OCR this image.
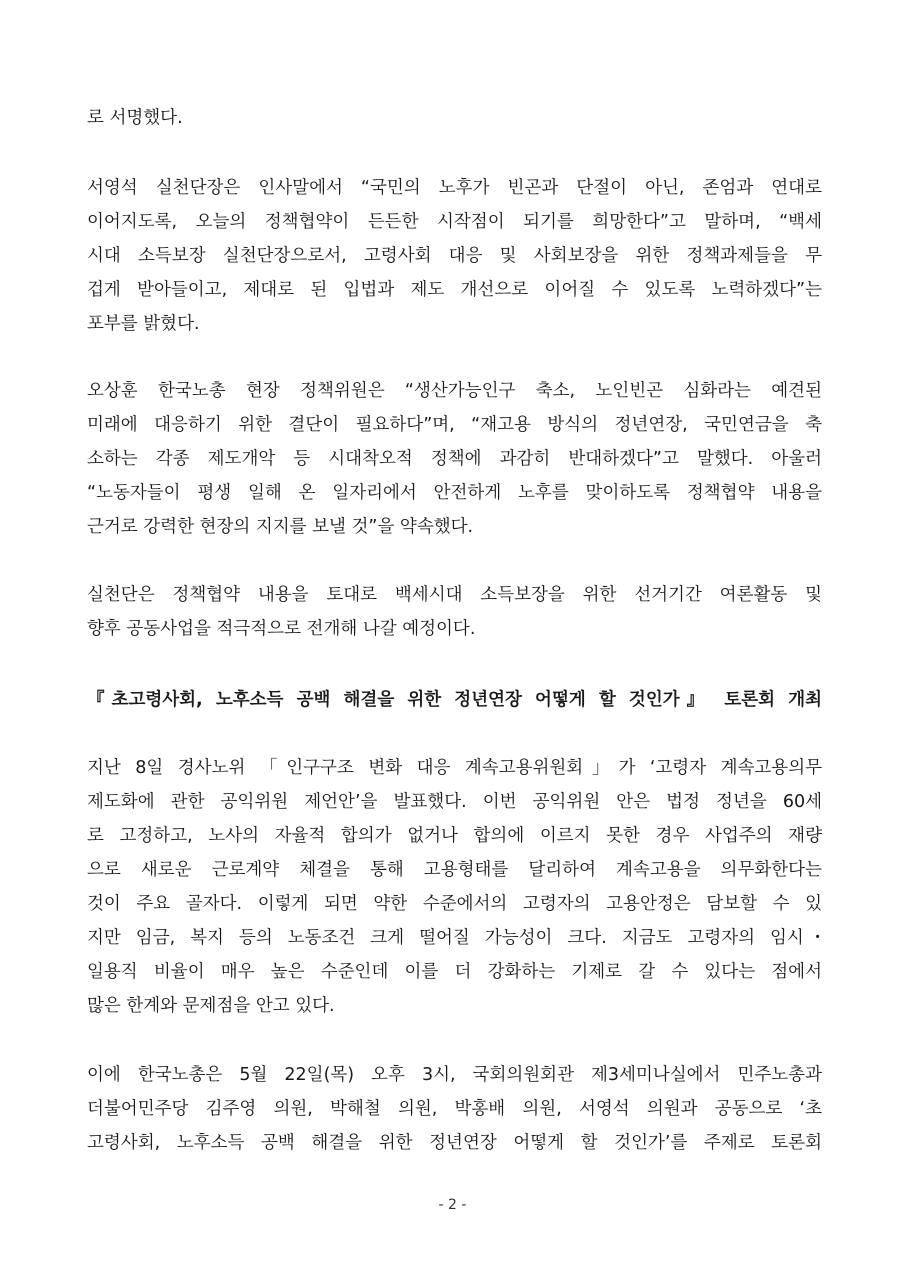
로 서명했다.
서영석 실천단장은 인사말에서 “국민의 노후가 빈곤과 단절이 아닌, 존엄과 연대로
이어지도록, 오늘의 정책협약이 든든한 시작점이 되기를 희망한다”고 말하며, “백세
시대 소득보장 실천단장으로서, 고령사회 대응 및 사회보장을 위한 정책과제들을 무
겁게 받아들이고, 제대로 된 입법과 제도 개선으로 이어질 수 있도록 노력하겠다”는
포부를 밝혔다.
오상훈 한국노총 현장 정책위원은 “생산가능인구 축소, 노인빈곤 심화라는 예견된
미래에 대응하기 위한 결단이 필요하다”며, “재고용 방식의 정년연장, 국민연금을 축
소하는 각종 제도개악 등 시대착오적 정책에 과감히 반대하겠다”고 말했다. 아울러
“노동자들이 평생 일해 온 일자리에서 안전하게 노후를 맞이하도록 정책협약 내용을
근거로 강력한 현장의 지지를 보낼 것”을 약속했다.
실천단은 정책협약 내용을 토대로 백세시대 소득보장을 위한 선거기간 여론활동 및
향후 공동사업을 적극적으로 전개해 나갈 예정이다.
『초고령사회, 노후소득 공백 해결을 위한 정년연장 어떻게 할 것인가』 토론회 개최
지난 8일 경사노위 「인구구조 변화 대응 계속고용위원회」가 ‘고령자 계속고용의무
제도화에 관한 공익위원 제언안’을 발표했다. 이번 공익위원 안은 법정 정년을 60세
로 고정하고, 노사의 자율적 합의가 없거나 합의에 이르지 못한 경우 사업주의 재량
으로 새로운 근로계약 체결을 통해 고용형태를 달리하여 계속고용을 의무화한다는
것이 주요 골자다. 이렇게 되면 약한 수준에서의 고령자의 고용안정은 담보할 수 있
지만 임금, 복지 등의 노동조건 크게 떨어질 가능성이 크다. 지금도 고령자의 임시･
일용직 비율이 매우 높은 수준인데 이를 더 강화하는 기제로 갈 수 있다는 점에서
많은 한계와 문제점을 안고 있다.
이에 한국노총은 5월 22일(목) 오후 3시, 국회의원회관 제3세미나실에서 민주노총과
더불어민주당 김주영 의원, 박해철 의원, 박홍배 의원, 서영석 의원과 공동으로 ‘초
고령사회, 노후소득 공백 해결을 위한 정년연장 어떻게 할 것인가’를 주제로 토론회
- 2 -
